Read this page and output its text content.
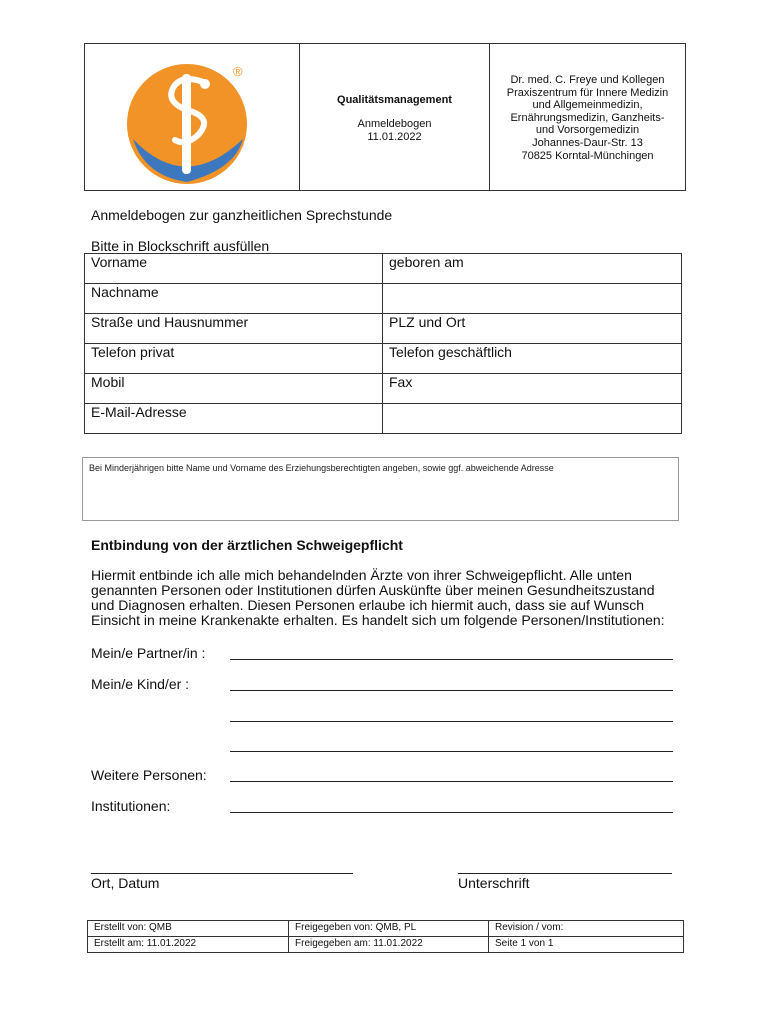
®
Qualitätsmanagement
Anmeldebogen
11.01.2022
Dr. med. C. Freye und Kollegen
Praxiszentrum für Innere Medizin
und Allgemeinmedizin,
Ernährungsmedizin, Ganzheits-
und Vorsorgemedizin
Johannes-Daur-Str. 13
70825 Korntal-Münchingen
Anmeldebogen zur ganzheitlichen Sprechstunde
Bitte in Blockschrift ausfüllen
Vorname	geboren am
Nachname	
Straße und Hausnummer	PLZ und Ort
Telefon privat	Telefon geschäftlich
Mobil	Fax
E-Mail-Adresse	
Bei Minderjährigen bitte Name und Vorname des Erziehungsberechtigten angeben, sowie ggf. abweichende Adresse
Entbindung von der ärztlichen Schweigepflicht
Hiermit entbinde ich alle mich behandelnden Ärzte von ihrer Schweigepflicht. Alle unten
genannten Personen oder Institutionen dürfen Auskünfte über meinen Gesundheitszustand
und Diagnosen erhalten. Diesen Personen erlaube ich hiermit auch, dass sie auf Wunsch
Einsicht in meine Krankenakte erhalten. Es handelt sich um folgende Personen/Institutionen:
Mein/e Partner/in :
Mein/e Kind/er :
Weitere Personen:
Institutionen:
Ort, Datum	Unterschrift
Erstellt von: QMB	Freigegeben von: QMB, PL	Revision / vom:
Erstellt am: 11.01.2022	Freigegeben am: 11.01.2022	Seite 1 von 1
